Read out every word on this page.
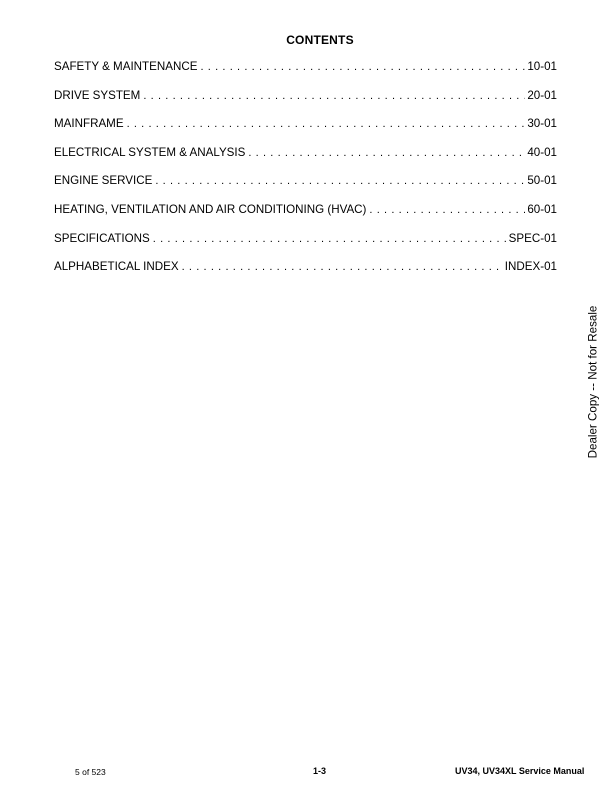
CONTENTS
SAFETY & MAINTENANCE . . .	10-01
DRIVE SYSTEM . . .	20-01
MAINFRAME . . .	30-01
ELECTRICAL SYSTEM & ANALYSIS . . .	40-01
ENGINE SERVICE . . .	50-01
HEATING, VENTILATION AND AIR CONDITIONING (HVAC) . . .	60-01
SPECIFICATIONS . . .	SPEC-01
ALPHABETICAL INDEX . . .	INDEX-01
Dealer Copy -- Not for Resale
5 of 523	1-3	UV34, UV34XL Service Manual
